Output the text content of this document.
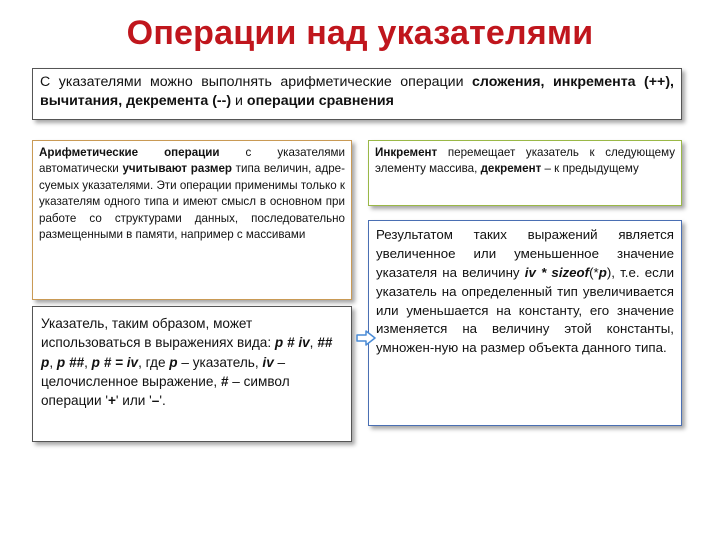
Операции над указателями
С указателями можно выполнять арифметические операции сложения, инкремента (++), вычитания, декремента (--) и операции сравнения
Арифметические операции с указателями автоматически учитывают размер типа величин, адре-суемых указателями. Эти операции применимы только к указателям одного типа и имеют смысл в основном при работе со структурами данных, последовательно размещенными в памяти, например с массивами
Инкремент перемещает указатель к следующему элементу массива, декремент – к предыдущему
Результатом таких выражений является увеличенное или уменьшенное значение указателя на величину iv * sizeof(*p), т.е. если указатель на определенный тип увеличивается или уменьшается на константу, его значение изменяется на величину этой константы, умножен-ную на размер объекта данного типа.
Указатель, таким образом, может использоваться в выражениях вида: p # iv, ## p, p ##, p # = iv, где p – указатель, iv – целочисленное выражение, # – символ операции '+' или '–'.
